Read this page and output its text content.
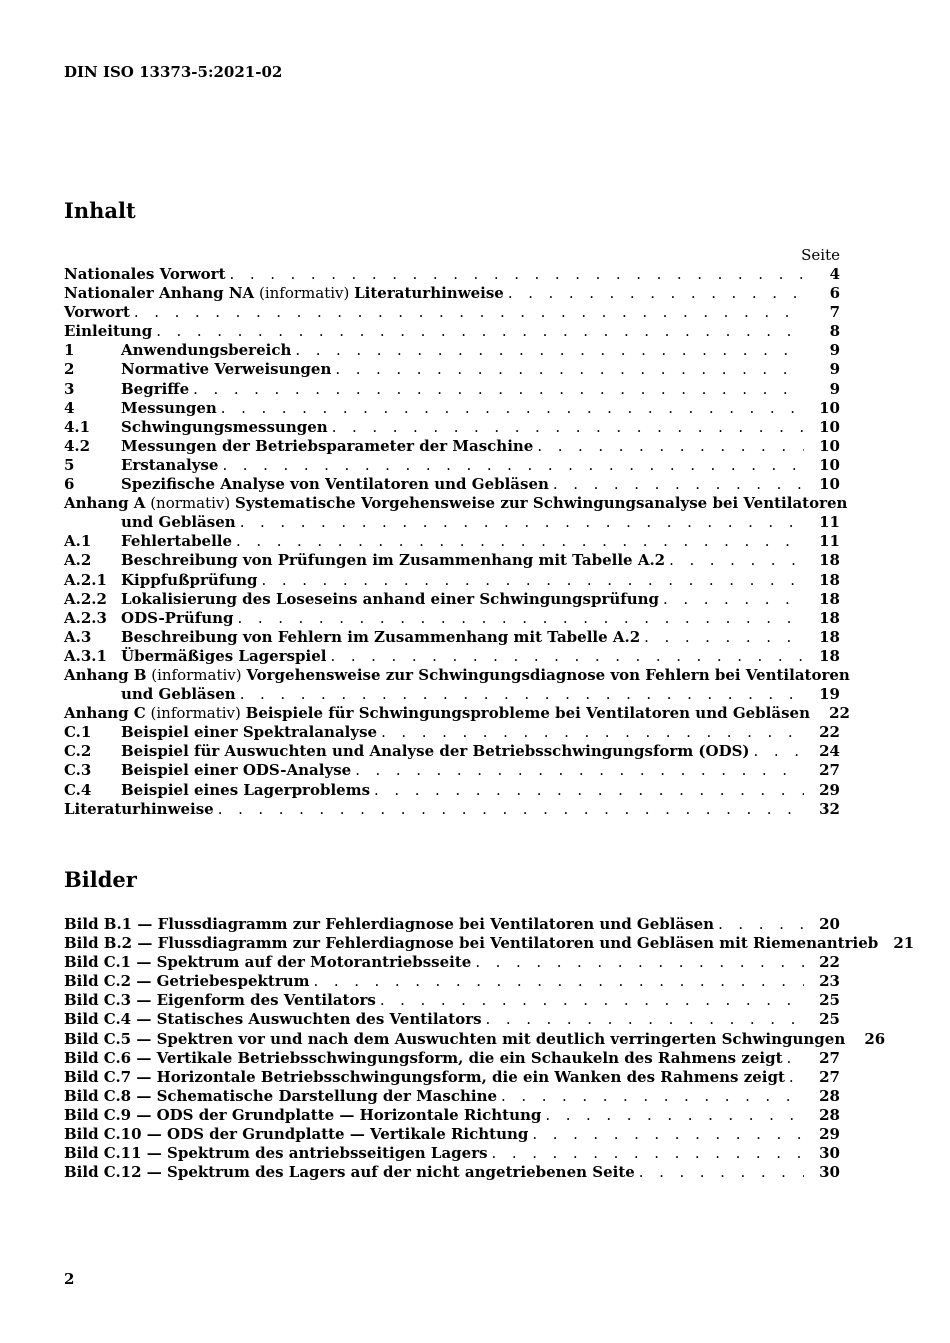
DIN ISO 13373-5:2021-02
Inhalt
Seite
Nationales Vorwort . . .	4
Nationaler Anhang NA (informativ) Literaturhinweise . . .	6
Vorwort . . .	7
Einleitung . . .	8
1	Anwendungsbereich . . .	9
2	Normative Verweisungen . . .	9
3	Begriffe . . .	9
4	Messungen . . .	10
4.1	Schwingungsmessungen . . .	10
4.2	Messungen der Betriebsparameter der Maschine . . .	10
5	Erstanalyse . . .	10
6	Spezifische Analyse von Ventilatoren und Gebläsen . . .	10
Anhang A (normativ) Systematische Vorgehensweise zur Schwingungsanalyse bei Ventilatoren
und Gebläsen . . .	11
A.1	Fehlertabelle . . .	11
A.2	Beschreibung von Prüfungen im Zusammenhang mit Tabelle A.2 . . .	18
A.2.1 Kippfußprüfung . . .	18
A.2.2 Lokalisierung des Loseseins anhand einer Schwingungsprüfung . . .	18
A.2.3 ODS-Prüfung . . .	18
A.3	Beschreibung von Fehlern im Zusammenhang mit Tabelle A.2 . . .	18
A.3.1 Übermäßiges Lagerspiel . . .	18
Anhang B (informativ) Vorgehensweise zur Schwingungsdiagnose von Fehlern bei Ventilatoren
und Gebläsen . . .	19
Anhang C (informativ) Beispiele für Schwingungsprobleme bei Ventilatoren und Gebläsen . . .	22
C.1	Beispiel einer Spektralanalyse . . .	22
C.2	Beispiel für Auswuchten und Analyse der Betriebsschwingungsform (ODS) . . .	24
C.3	Beispiel einer ODS-Analyse . . .	27
C.4	Beispiel eines Lagerproblems . . .	29
Literaturhinweise . . .	32
Bilder
Bild B.1 — Flussdiagramm zur Fehlerdiagnose bei Ventilatoren und Gebläsen . . .	20
Bild B.2 — Flussdiagramm zur Fehlerdiagnose bei Ventilatoren und Gebläsen mit Riemenantrieb	21
Bild C.1 — Spektrum auf der Motorantriebsseite . . .	22
Bild C.2 — Getriebespektrum . . .	23
Bild C.3 — Eigenform des Ventilators . . .	25
Bild C.4 — Statisches Auswuchten des Ventilators . . .	25
Bild C.5 — Spektren vor und nach dem Auswuchten mit deutlich verringerten Schwingungen . . .	26
Bild C.6 — Vertikale Betriebsschwingungsform, die ein Schaukeln des Rahmens zeigt . . .	27
Bild C.7 — Horizontale Betriebsschwingungsform, die ein Wanken des Rahmens zeigt . . .	27
Bild C.8 — Schematische Darstellung der Maschine . . .	28
Bild C.9 — ODS der Grundplatte — Horizontale Richtung . . .	28
Bild C.10 — ODS der Grundplatte — Vertikale Richtung . . .	29
Bild C.11 — Spektrum des antriebsseitigen Lagers . . .	30
Bild C.12 — Spektrum des Lagers auf der nicht angetriebenen Seite . . .	30
2
